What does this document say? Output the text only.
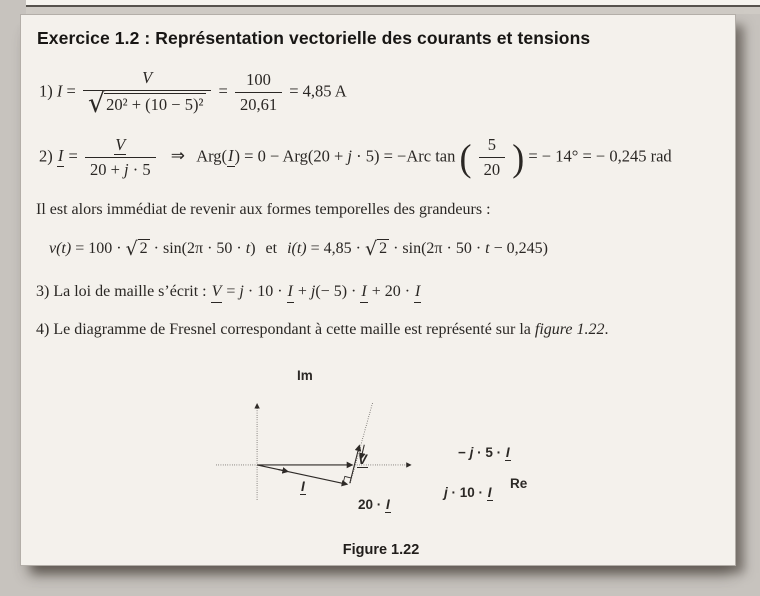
Exercice 1.2 : Représentation vectorielle des courants et tensions
1) $I = \frac{V}{\text{√ 20² + (10 − 5)²}} = \frac{100}{20,61} = 4,85$ A
2) $I = \frac{V}{20 + j \cdot 5}$ ⇒ Arg(I) = 0 − Arg(20 + j · 5) = −Arc tan ( $\frac{5}{20}$ ) = − 14° = − 0,245 rad
Il est alors immédiat de revenir aux formes temporelles des grandeurs :
v(t) = 100 · √ 2 · sin(2π · 50 · t) et i(t) = 4,85 · √ 2 · sin(2π · 50 · t − 0,245)
3) La loi de maille s’écrit : V = j · 10 · I + j(− 5) · I + 20 · I
4) Le diagramme de Fresnel correspondant à cette maille est représenté sur la figure 1.22.
Im
Re
V
I
20 · I
j · 10 · I
− j · 5 · I
Figure 1.22
